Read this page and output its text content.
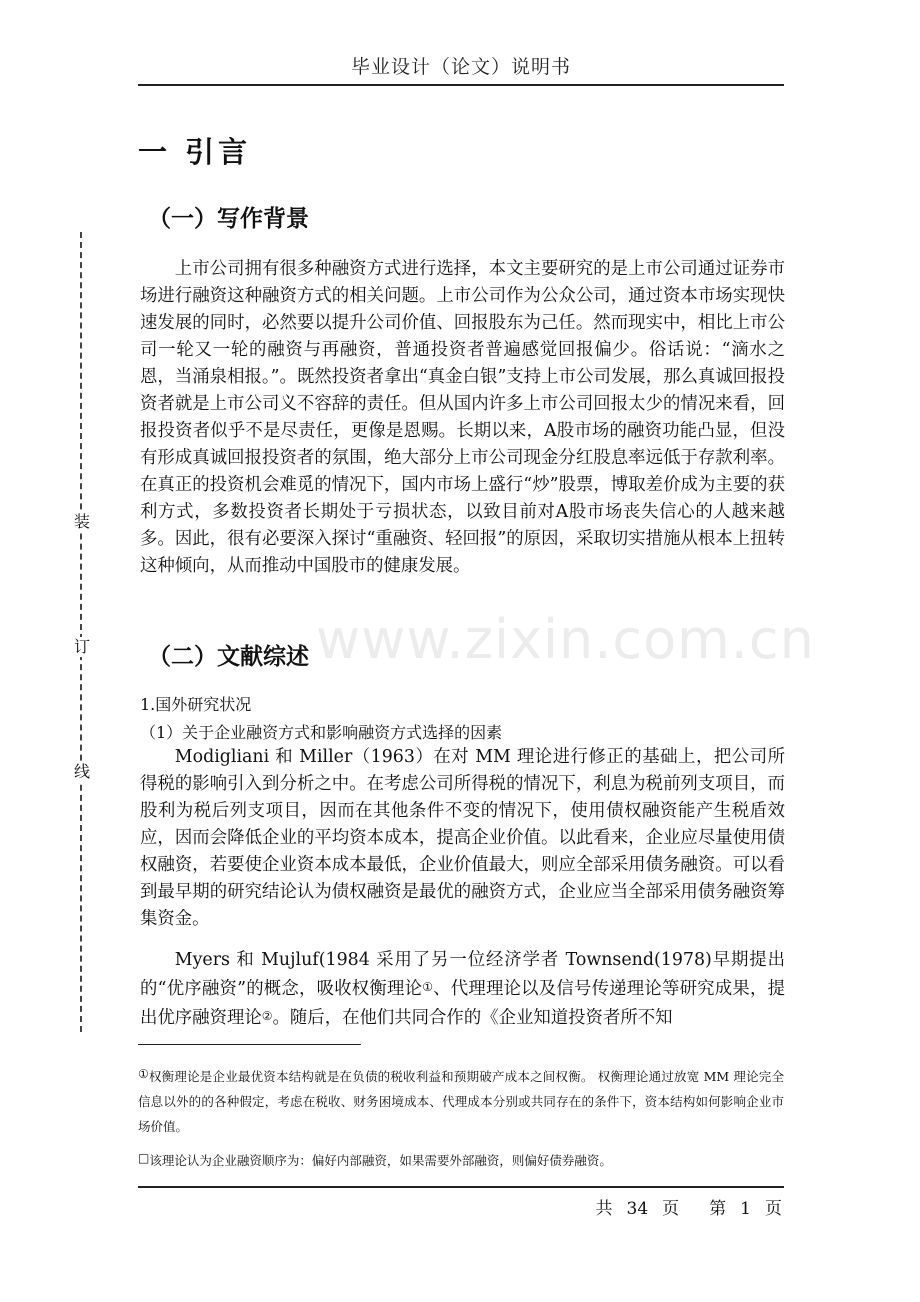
毕业设计（论文）说明书
装
订
线
www.zixin.com.cn
一 引言
（一）写作背景

上市公司拥有很多种融资方式进行选择，本文主要研究的是上市公司通过证券市场进行融资这种融资方式的相关问题。上市公司作为公众公司，通过资本市场实现快速发展的同时，必然要以提升公司价值、回报股东为己任。然而现实中，相比上市公司一轮又一轮的融资与再融资，普通投资者普遍感觉回报偏少。俗话说：“滴水之恩，当涌泉相报。”。既然投资者拿出“真金白银”支持上市公司发展，那么真诚回报投资者就是上市公司义不容辞的责任。但从国内许多上市公司回报太少的情况来看，回报投资者似乎不是尽责任，更像是恩赐。长期以来，A股市场的融资功能凸显，但没有形成真诚回报投资者的氛围，绝大部分上市公司现金分红股息率远低于存款利率。在真正的投资机会难觅的情况下，国内市场上盛行“炒”股票，博取差价成为主要的获利方式，多数投资者长期处于亏损状态，以致目前对A股市场丧失信心的人越来越多。因此，很有必要深入探讨“重融资、轻回报”的原因，采取切实措施从根本上扭转这种倾向，从而推动中国股市的健康发展。

（二）文献综述
1.国外研究状况
（1）关于企业融资方式和影响融资方式选择的因素

Modigliani 和 Miller（1963）在对 MM 理论进行修正的基础上，把公司所得税的影响引入到分析之中。在考虑公司所得税的情况下，利息为税前列支项目，而股利为税后列支项目，因而在其他条件不变的情况下，使用债权融资能产生税盾效应，因而会降低企业的平均资本成本，提高企业价值。以此看来，企业应尽量使用债权融资，若要使企业资本成本最低，企业价值最大，则应全部采用债务融资。可以看到最早期的研究结论认为债权融资是最优的融资方式，企业应当全部采用债务融资筹集资金。

Myers 和 Mujluf(1984 采用了另一位经济学者 Townsend(1978)早期提出的“优序融资”的概念，吸收权衡理论①、代理理论以及信号传递理论等研究成果，提出优序融资理论②。随后，在他们共同合作的《企业知道投资者所不知

①权衡理论是企业最优资本结构就是在负债的税收利益和预期破产成本之间权衡。 权衡理论通过放宽 MM 理论完全信息以外的的各种假定，考虑在税收、财务困境成本、代理成本分别或共同存在的条件下，资本结构如何影响企业市场价值。

□该理论认为企业融资顺序为：偏好内部融资，如果需要外部融资，则偏好债券融资。

共 34 页 第 1 页
